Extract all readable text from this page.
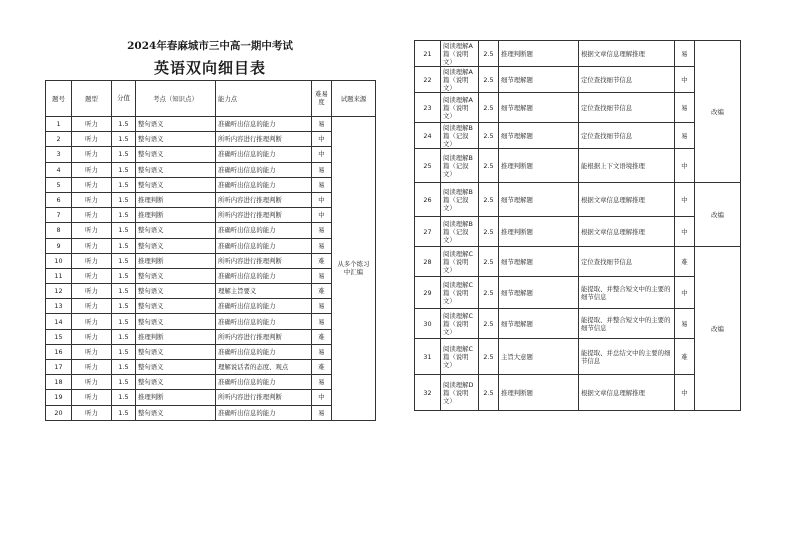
2024年春麻城市三中高一期中考试
英语双向细目表
题号	题型	分值	考点（知识点）	能力点	难易度	试题来源
1	听力	1.5	整句语义	准确听出信息的能力	易	从多个练习中汇编
2	听力	1.5	整句语义	所听内容进行推理判断	中	
3	听力	1.5	整句语义	准确听出信息的能力	中	
4	听力	1.5	整句语义	准确听出信息的能力	易	
5	听力	1.5	整句语义	准确听出信息的能力	易	
6	听力	1.5	推理判断	所听内容进行推理判断	中	
7	听力	1.5	推理判断	所听内容进行推理判断	中	
8	听力	1.5	整句语义	准确听出信息的能力	易	
9	听力	1.5	整句语义	准确听出信息的能力	易	
10	听力	1.5	推理判断	所听内容进行推理判断	难	
11	听力	1.5	整句语义	准确听出信息的能力	易	
12	听力	1.5	整句语义	理解主旨要义	难	
13	听力	1.5	整句语义	准确听出信息的能力	易	
14	听力	1.5	整句语义	准确听出信息的能力	易	
15	听力	1.5	推理判断	所听内容进行推理判断	难	
16	听力	1.5	整句语义	准确听出信息的能力	易	
17	听力	1.5	整句语义	理解说话者的态度、观点	难	
18	听力	1.5	整句语义	准确听出信息的能力	易	
19	听力	1.5	推理判断	所听内容进行推理判断	中	
20	听力	1.5	整句语义	准确听出信息的能力	易	
21	阅读理解A篇（说明文）	2.5	推理判断题	根据文章信息理解推理	易	改编
22	阅读理解A篇（说明文）	2.5	细节理解题	定位查找细节信息	中	
23	阅读理解A篇（说明文）	2.5	细节理解题	定位查找细节信息	易	
24	阅读理解B篇（记叙文）	2.5	细节理解题	定位查找细节信息	易	
25	阅读理解B篇（记叙文）	2.5	推理判断题	能根据上下文语境推理	中	
26	阅读理解B篇（记叙文）	2.5	细节理解题	根据文章信息理解推理	中	改编
27	阅读理解B篇（记叙文）	2.5	推理判断题	根据文章信息理解推理	中	
28	阅读理解C篇（说明文）	2.5	细节理解题	定位查找细节信息	难	改编
29	阅读理解C篇（说明文）	2.5	细节理解题	能提取、并整合短文中的主要的细节信息	中	
30	阅读理解C篇（说明文）	2.5	细节理解题	能提取、并整合短文中的主要的细节信息	易	
31	阅读理解C篇（说明文）	2.5	主旨大意题	能提取、并总结文中的主要的细节信息	难	
32	阅读理解D篇（说明文）	2.5	推理判断题	根据文章信息理解推理	中	
